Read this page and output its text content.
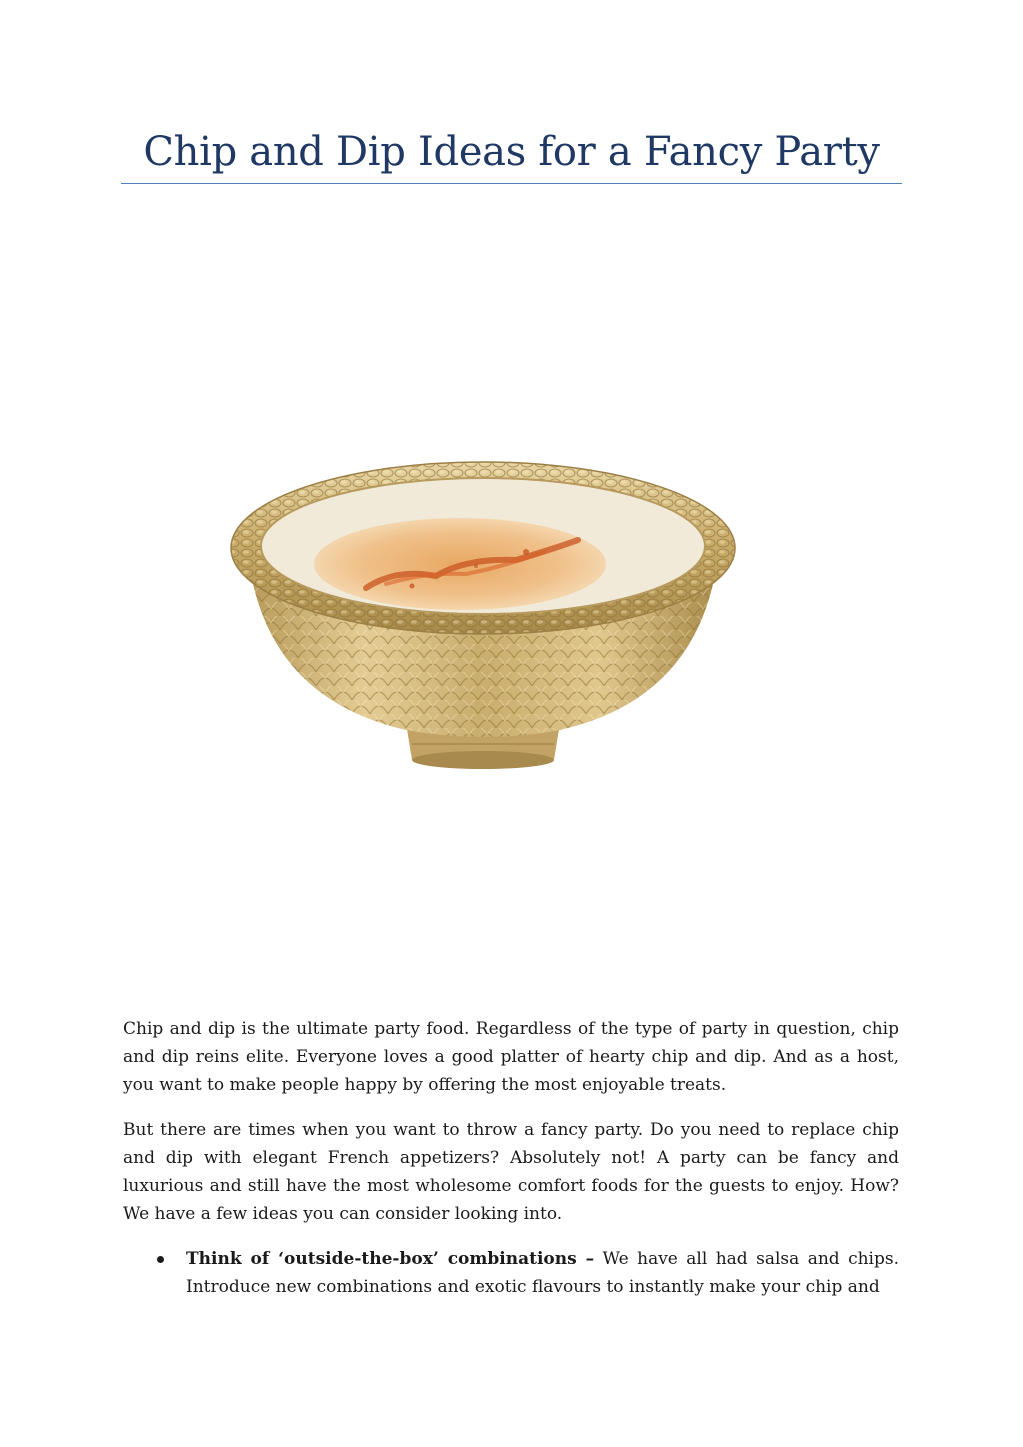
Chip and Dip Ideas for a Fancy Party

Chip and dip is the ultimate party food. Regardless of the type of party in question, chip and dip reins elite. Everyone loves a good platter of hearty chip and dip. And as a host, you want to make people happy by offering the most enjoyable treats.

But there are times when you want to throw a fancy party. Do you need to replace chip and dip with elegant French appetizers? Absolutely not! A party can be fancy and luxurious and still have the most wholesome comfort foods for the guests to enjoy. How? We have a few ideas you can consider looking into.

Think of ‘outside-the-box’ combinations – We have all had salsa and chips. Introduce new combinations and exotic flavours to instantly make your chip and
